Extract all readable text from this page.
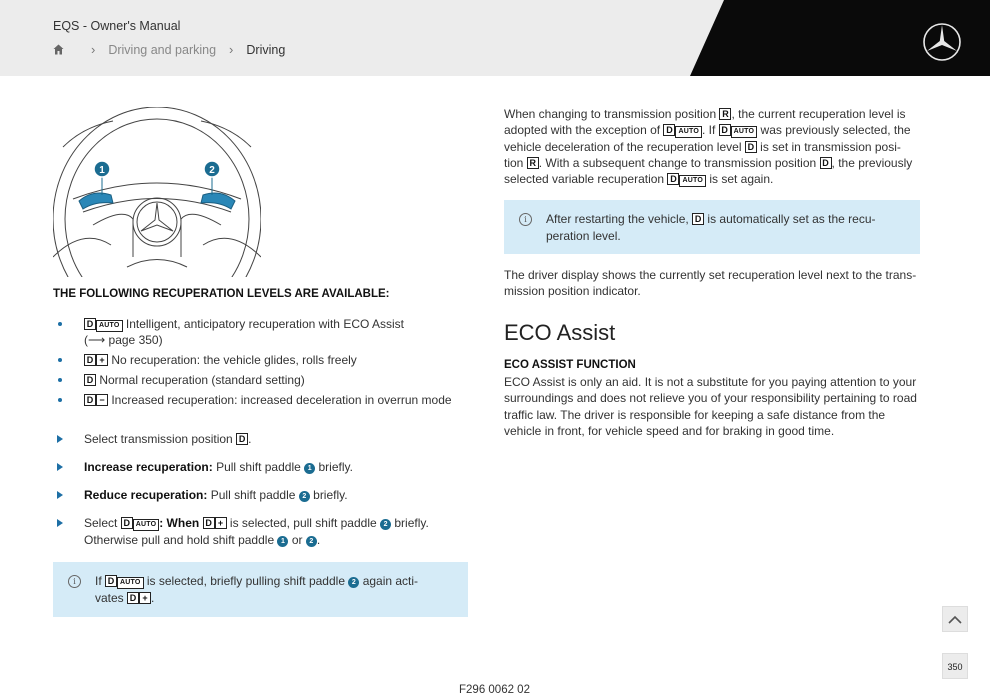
EQS - Owner's Manual
› Driving and parking › Driving
1	2
THE FOLLOWING RECUPERATION LEVELS ARE AVAILABLE:
D AUTO Intelligent, anticipatory recuperation with ECO Assist
(⟶ page 350)
D + No recuperation: the vehicle glides, rolls freely
D Normal recuperation (standard setting)
D − Increased recuperation: increased deceleration in overrun mode
Select transmission position D .
Increase recuperation: Pull shift paddle 1 briefly.
Reduce recuperation: Pull shift paddle 2 briefly.
Select D AUTO : When D + is selected, pull shift paddle 2 briefly. Otherwise pull and hold shift paddle 1 or 2 .
i	If D AUTO is selected, briefly pulling shift paddle 2 again acti-vates D + .
When changing to transmission position R , the current recuperation level is adopted with the exception of D AUTO . If D AUTO was previously selected, the vehicle deceleration of the recuperation level D is set in transmission posi-tion R . With a subsequent change to transmission position D , the previously selected variable recuperation D AUTO is set again.
i	After restarting the vehicle, D is automatically set as the recu-peration level.
The driver display shows the currently set recuperation level next to the trans-mission position indicator.
ECO Assist
ECO ASSIST FUNCTION
ECO Assist is only an aid. It is not a substitute for you paying attention to your surroundings and does not relieve you of your responsibility pertaining to road traffic law. The driver is responsible for keeping a safe distance from the vehicle in front, for vehicle speed and for braking in good time.
F296 0062 02
350
